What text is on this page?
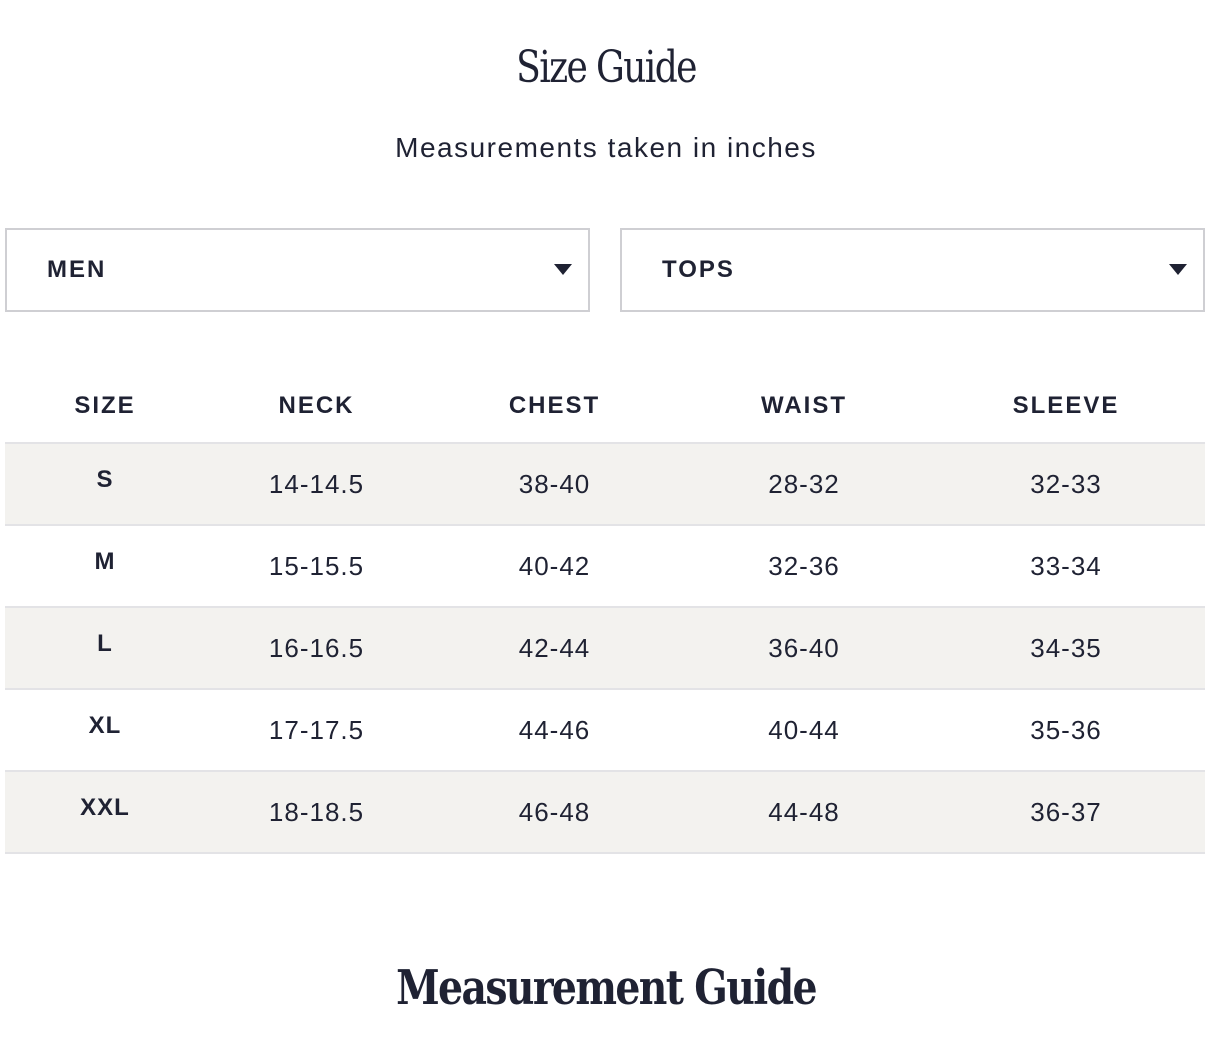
Size Guide

Measurements taken in inches

MEN	TOPS
SIZE	NECK	CHEST	WAIST	SLEEVE
S	14-14.5	38-40	28-32	32-33
M	15-15.5	40-42	32-36	33-34
L	16-16.5	42-44	36-40	34-35
XL	17-17.5	44-46	40-44	35-36
XXL	18-18.5	46-48	44-48	36-37
Measurement Guide
